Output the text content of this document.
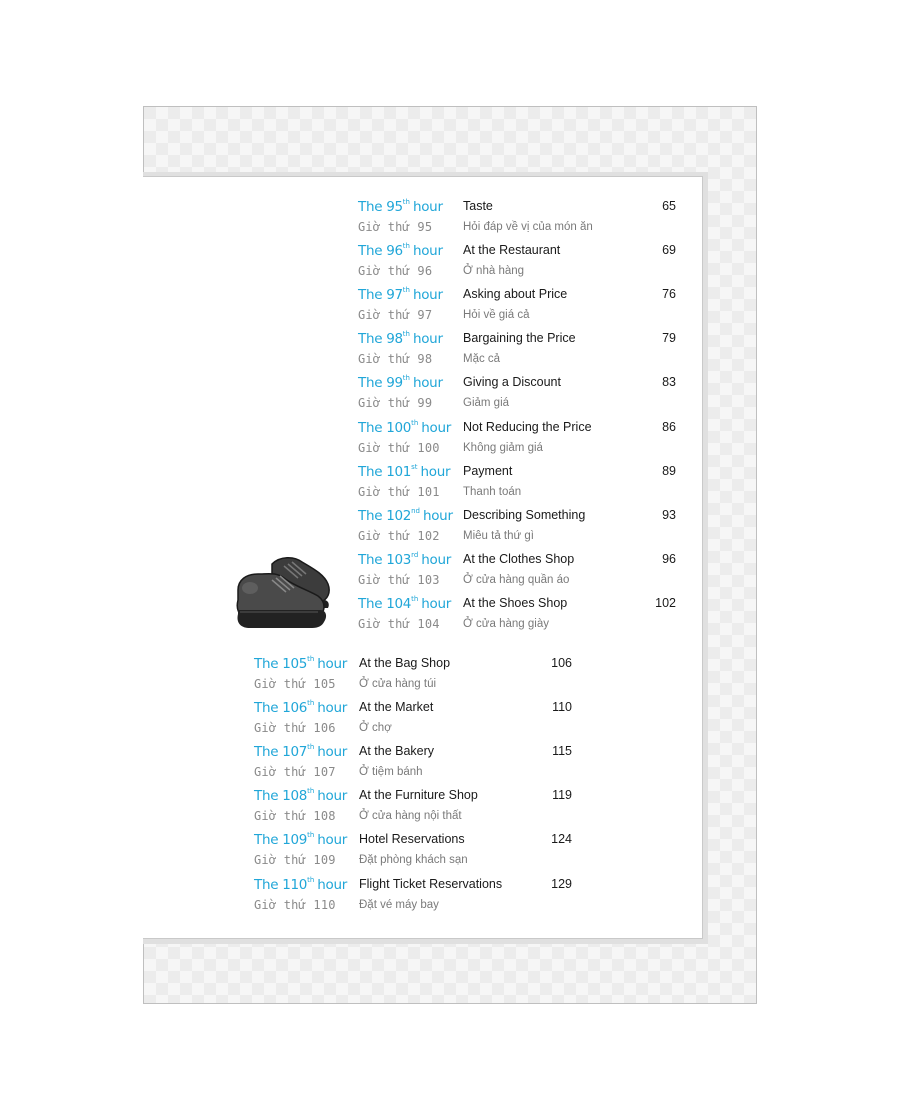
The 95th hour Taste	65
Giờ thứ 95	Hỏi đáp về vị của món ăn
The 96th hour At the Restaurant	69
Giờ thứ 96	Ở nhà hàng
The 97th hour Asking about Price	76
Giờ thứ 97	Hỏi về giá cả
The 98th hour Bargaining the Price	79
Giờ thứ 98	Mặc cả
The 99th hour Giving a Discount	83
Giờ thứ 99	Giảm giá
The 100th hour Not Reducing the Price	86
Giờ thứ 100 Không giảm giá
The 101st hour Payment	89
Giờ thứ 101 Thanh toán
The 102nd hour Describing Something	93
Giờ thứ 102 Miêu tả thứ gì
The 103rd hour At the Clothes Shop	96
Giờ thứ 103 Ở cửa hàng quần áo
The 104th hour At the Shoes Shop	102
Giờ thứ 104 Ở cửa hàng giày
The 105th hour At the Bag Shop	106
Giờ thứ 105 Ở cửa hàng túi
The 106th hour At the Market	110
Giờ thứ 106 Ở chợ
The 107th hour At the Bakery	115
Giờ thứ 107 Ở tiệm bánh
The 108th hour At the Furniture Shop	119
Giờ thứ 108 Ở cửa hàng nội thất
The 109th hour Hotel Reservations	124
Giờ thứ 109 Đặt phòng khách sạn
The 110th hour Flight Ticket Reservations	129
Giờ thứ 110 Đặt vé máy bay
